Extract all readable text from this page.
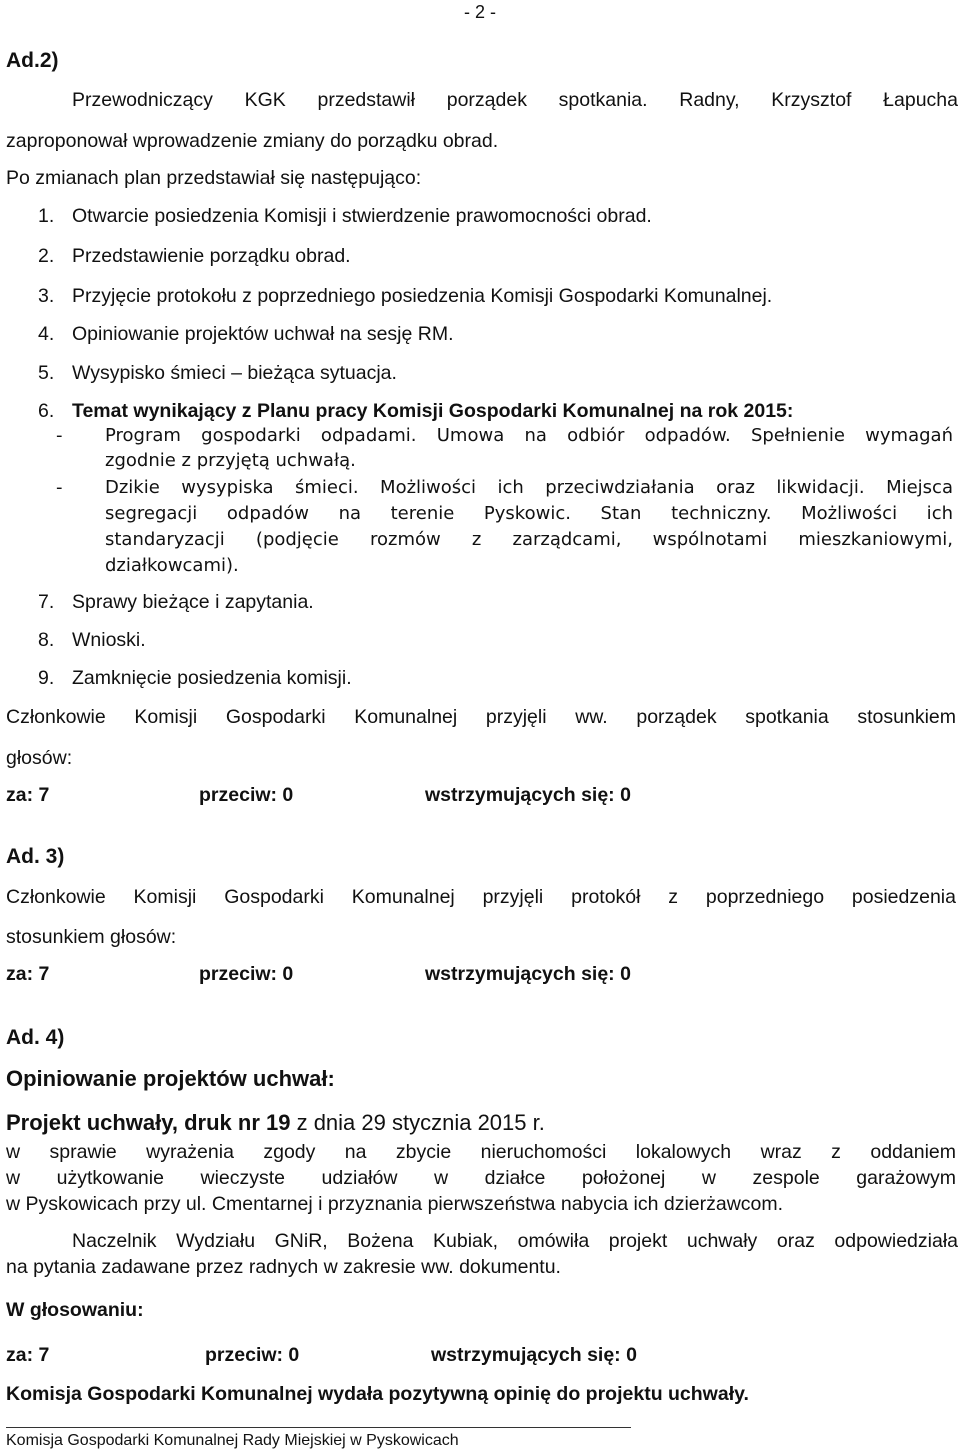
- 2 -
Ad.2)
Przewodniczący KGK przedstawił porządek spotkania. Radny, Krzysztof Łapucha
zaproponował wprowadzenie zmiany do porządku obrad.
Po zmianach plan przedstawiał się następująco:
1. Otwarcie posiedzenia Komisji i stwierdzenie prawomocności obrad.
2. Przedstawienie porządku obrad.
3. Przyjęcie protokołu z poprzedniego posiedzenia Komisji Gospodarki Komunalnej.
4. Opiniowanie projektów uchwał na sesję RM.
5. Wysypisko śmieci – bieżąca sytuacja.
6. Temat wynikający z Planu pracy Komisji Gospodarki Komunalnej na rok 2015:
- Program gospodarki odpadami. Umowa na odbiór odpadów. Spełnienie wymagań
zgodnie z przyjętą uchwałą.
- Dzikie wysypiska śmieci. Możliwości ich przeciwdziałania oraz likwidacji. Miejsca
segregacji odpadów na terenie Pyskowic. Stan techniczny. Możliwości ich
standaryzacji (podjęcie rozmów z zarządcami, wspólnotami mieszkaniowymi,
działkowcami).
7. Sprawy bieżące i zapytania.
8. Wnioski.
9. Zamknięcie posiedzenia komisji.
Członkowie Komisji Gospodarki Komunalnej przyjęli ww. porządek spotkania stosunkiem
głosów:
za: 7	przeciw: 0	wstrzymujących się: 0
Ad. 3)
Członkowie Komisji Gospodarki Komunalnej przyjęli protokół z poprzedniego posiedzenia
stosunkiem głosów:
za: 7	przeciw: 0	wstrzymujących się: 0
Ad. 4)
Opiniowanie projektów uchwał:
Projekt uchwały, druk nr 19 z dnia 29 stycznia 2015 r.
w sprawie wyrażenia zgody na zbycie nieruchomości lokalowych wraz z oddaniem
w użytkowanie wieczyste udziałów w działce położonej w zespole garażowym
w Pyskowicach przy ul. Cmentarnej i przyznania pierwszeństwa nabycia ich dzierżawcom.
Naczelnik Wydziału GNiR, Bożena Kubiak, omówiła projekt uchwały oraz odpowiedziała
na pytania zadawane przez radnych w zakresie ww. dokumentu.
W głosowaniu:
za: 7	przeciw: 0	wstrzymujących się: 0
Komisja Gospodarki Komunalnej wydała pozytywną opinię do projektu uchwały.
Komisja Gospodarki Komunalnej Rady Miejskiej w Pyskowicach
